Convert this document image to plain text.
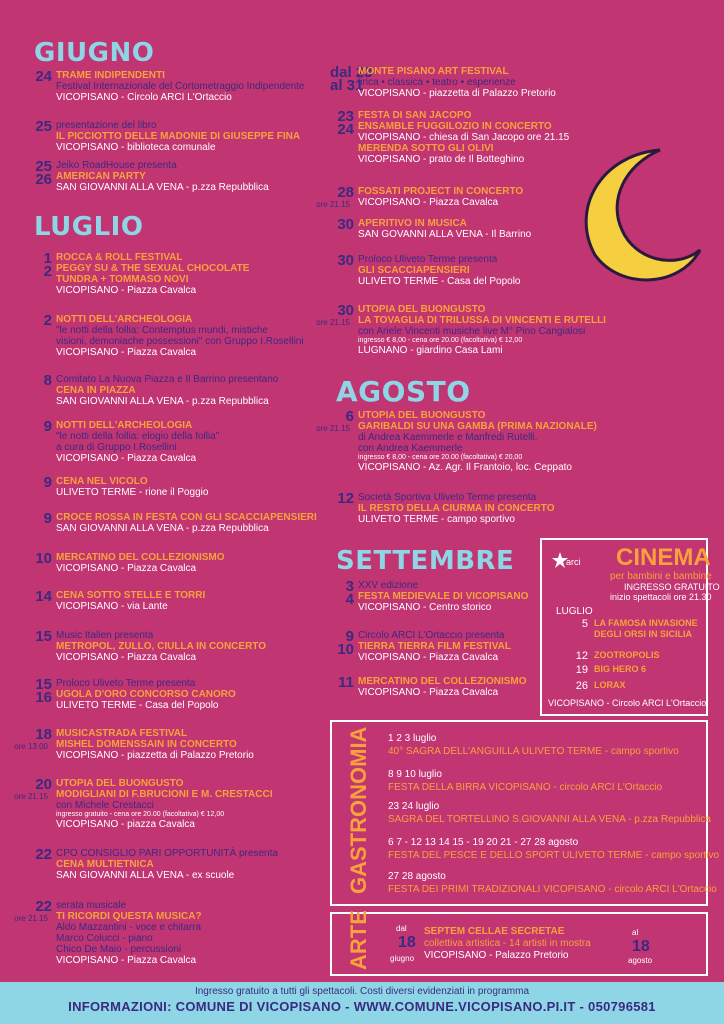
GIUGNO
LUGLIO
24 TRAME INDIPENDENTI
Festival Internazionale del Cortometraggio Indipendente
VICOPISANO - Circolo ARCI L'Ortaccio
25 presentazione del libro
IL PICCIOTTO DELLE MADONIE DI GIUSEPPE FINA
VICOPISANO - biblioteca comunale
25
26
Jeiko RoadHouse presenta
AMERICAN PARTY
SAN GIOVANNI ALLA VENA - p.zza Repubblica
1
2
ROCCA & ROLL FESTIVAL
PEGGY SU & THE SEXUAL CHOCOLATE
TUNDRA + TOMMASO NOVI
VICOPISANO - Piazza Cavalca
2 NOTTI DELL'ARCHEOLOGIA
"le notti della follia: Contemptus mundi, mistiche
visioni, demoniache possessioni" con Gruppo I.Rosellini
VICOPISANO - Piazza Cavalca
8 Comitato La Nuova Piazza e Il Barrino presentano
CENA IN PIAZZA
SAN GIOVANNI ALLA VENA - p.zza Repubblica
9 NOTTI DELL'ARCHEOLOGIA
"le notti della follia: elogio della follia"
a cura di Gruppo I.Rosellini
VICOPISANO - Piazza Cavalca
9 CENA NEL VICOLO
ULIVETO TERME - rione il Poggio
9 CROCE ROSSA IN FESTA CON GLI SCACCIAPENSIERI
SAN GIOVANNI ALLA VENA - p.zza Repubblica
10 MERCATINO DEL COLLEZIONISMO
VICOPISANO - Piazza Cavalca
14 CENA SOTTO STELLE E TORRI
VICOPISANO - via Lante
15 Music Italien presenta
METROPOL, ZULLO, CIULLA IN CONCERTO
VICOPISANO - Piazza Cavalca
15
16
Proloco Uliveto Terme presenta
UGOLA D'ORO CONCORSO CANORO
ULIVETO TERME - Casa del Popolo
18
ore 13.00
MUSICASTRADA FESTIVAL
MISHEL DOMENSSAIN IN CONCERTO
VICOPISANO - piazzetta di Palazzo Pretorio
20
ore 21.15
UTOPIA DEL BUONGUSTO
MODIGLIANI DI F.BRUCIONI E M. CRESTACCI
con Michele Crestacci
ingresso gratuito - cena ore 20.00 (facoltativa) € 12,00
VICOPISANO - piazza Cavalca
22 CPO CONSIGLIO PARI OPPORTUNITÀ presenta
CENA MULTIETNICA
SAN GIOVANNI ALLA VENA - ex scuole
22
ore 21.15
serata musicale
TI RICORDI QUESTA MUSICA?
Aldo Mazzantini - voce e chitarra
Marco Colucci - piano
Chico De Maio - percussioni
VICOPISANO - Piazza Cavalca
dal 23
al 31
MONTE PISANO ART FESTIVAL
lirica • classica • teatro • esperienze
VICOPISANO - piazzetta di Palazzo Pretorio
23
24
FESTA DI SAN JACOPO
ENSAMBLE FUGGILOZIO IN CONCERTO
VICOPISANO - chiesa di San Jacopo ore 21.15
MERENDA SOTTO GLI OLIVI
VICOPISANO - prato de Il Botteghino
28
ore 21.15
FOSSATI PROJECT IN CONCERTO
VICOPISANO - Piazza Cavalca
30 APERITIVO IN MUSICA
SAN GOVANNI ALLA VENA - Il Barrino
30 Proloco Uliveto Terme presenta
GLI SCACCIAPENSIERI
ULIVETO TERME - Casa del Popolo
30
ore 21.15
UTOPIA DEL BUONGUSTO
LA TOVAGLIA DI TRILUSSA DI VINCENTI E RUTELLI
con Ariele Vincenti musiche live M° Pino Cangialosi
ingresso € 8,00 - cena ore 20.00 (facoltativa) € 12,00
LUGNANO - giardino Casa Lami
6
ore 21.15
UTOPIA DEL BUONGUSTO
GARIBALDI SU UNA GAMBA (PRIMA NAZIONALE)
di Andrea Kaemmerle e Manfredi Rutelli.
con Andrea Kaemmerle
ingresso € 8,00 - cena ore 20.00 (facoltativa) € 20,00
VICOPISANO - Az. Agr. Il Frantoio, loc. Ceppato
12 Società Sportiva Uliveto Terme presenta
IL RESTO DELLA CIURMA IN CONCERTO
ULIVETO TERME - campo sportivo
3
4
XXV edizione
FESTA MEDIEVALE DI VICOPISANO
VICOPISANO - Centro storico
9
10
Circolo ARCI L'Ortaccio presenta
TIERRA TIERRA FILM FESTIVAL
VICOPISANO - Piazza Cavalca
11 MERCATINO DEL COLLEZIONISMO
VICOPISANO - Piazza Cavalca
AGOSTO
SETTEMBRE	arci CINEMA
per bambini e bambine
INGRESSO GRATUITO
inizio spettacoli ore 21.30
LUGLIO
5 LA FAMOSA INVASIONE DEGLI ORSI IN SICILIA
12 ZOOTROPOLIS
19 BIG HERO 6
26 LORAX
VICOPISANO - Circolo ARCI L'Ortaccio
GASTRONOMIA 1 2 3 luglio
40° SAGRA DELL'ANGUILLA ULIVETO TERME - campo sportivo
8 9 10 luglio
FESTA DELLA BIRRA VICOPISANO - circolo ARCI L'Ortaccio
23 24 luglio
SAGRA DEL TORTELLINO S.GIOVANNI ALLA VENA - p.zza Repubblica
6 7 - 12 13 14 15 - 19 20 21 - 27 28 agosto
FESTA DEL PESCE E DELLO SPORT ULIVETO TERME - campo sportivo
27 28 agosto
FESTA DEI PRIMI TRADIZIONALI VICOPISANO - circolo ARCI L'Ortaccio
ARTE	dal
18
giugno
SEPTEM CELLAE SECRETAE
collettiva artistica - 14 artisti in mostra
VICOPISANO - Palazzo Pretorio
al
18
agosto
Ingresso gratuito a tutti gli spettacoli. Costi diversi evidenziati in programma
INFORMAZIONI: COMUNE DI VICOPISANO - WWW.COMUNE.VICOPISANO.PI.IT - 050796581
